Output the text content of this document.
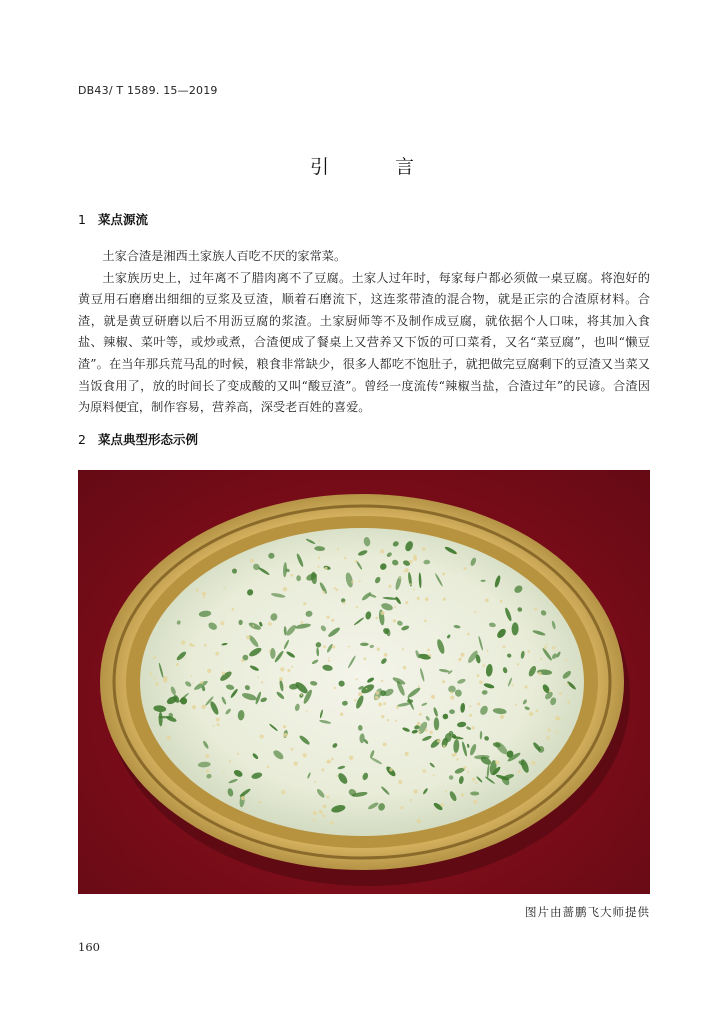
DB43/ T 1589. 15—2019
引 言
1 菜点源流

土家合渣是湘西土家族人百吃不厌的家常菜。

土家族历史上，过年离不了腊肉离不了豆腐。土家人过年时，每家每户都必须做一桌豆腐。将泡好的黄豆用石磨磨出细细的豆浆及豆渣，顺着石磨流下，这连浆带渣的混合物，就是正宗的合渣原材料。合渣，就是黄豆研磨以后不用沥豆腐的浆渣。土家厨师等不及制作成豆腐，就依据个人口味，将其加入食盐、辣椒、菜叶等，或炒或煮，合渣便成了餐桌上又营养又下饭的可口菜肴，又名“菜豆腐”，也叫“懒豆渣”。在当年那兵荒马乱的时候，粮食非常缺少，很多人都吃不饱肚子，就把做完豆腐剩下的豆渣又当菜又当饭食用了，放的时间长了变成酸的又叫“酸豆渣”。曾经一度流传“辣椒当盐，合渣过年”的民谚。合渣因为原料便宜，制作容易，营养高，深受老百姓的喜爱。

2 菜点典型形态示例
图片由蔷鹏飞大师提供
160
